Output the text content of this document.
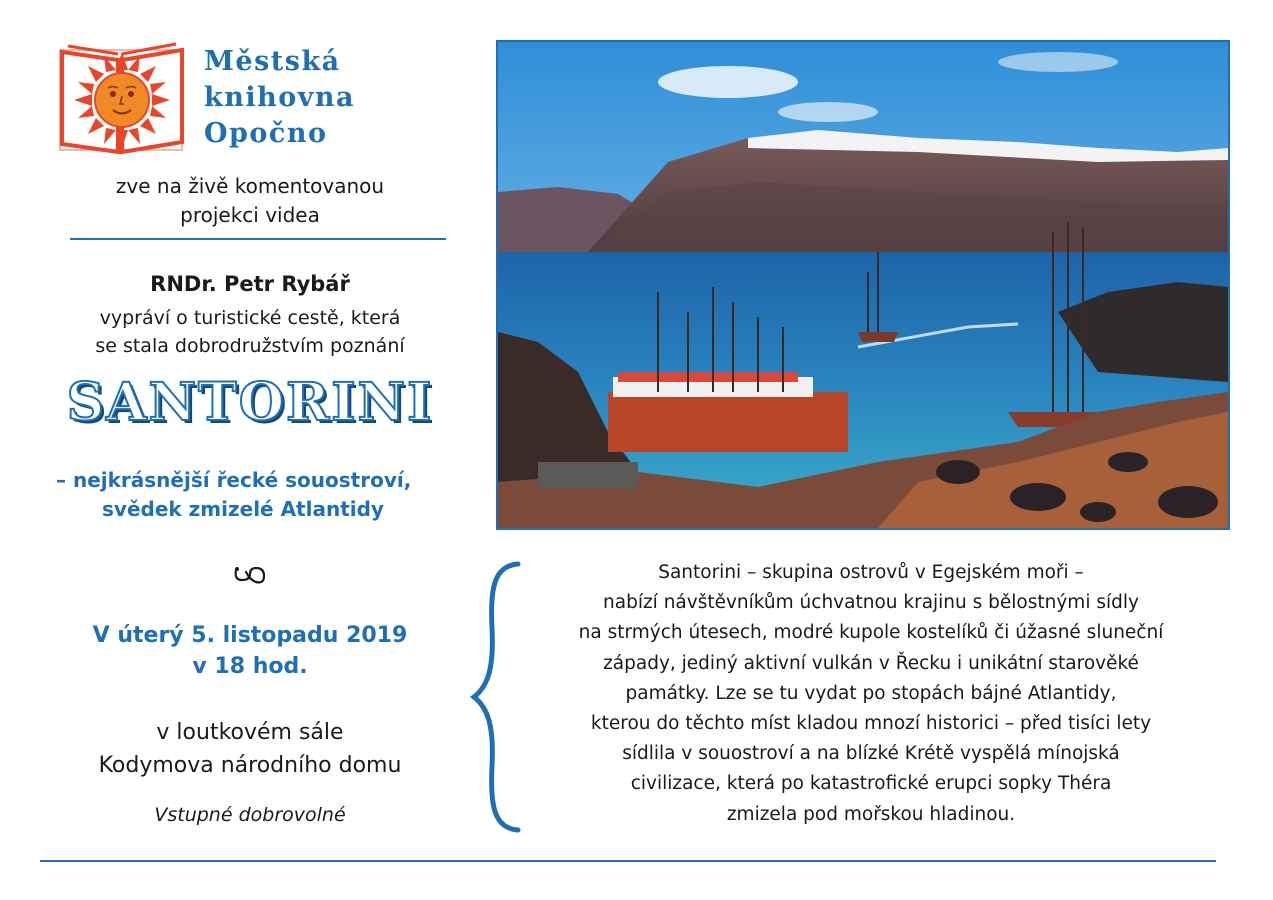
Městská
knihovna
Opočno
zve na živě komentovanou
projekci videa
RNDr. Petr Rybář
vypráví o turistické cestě, která
se stala dobrodružstvím poznání
SANTORINI
– nejkrásnější řecké souostroví,
svědek zmizelé Atlantidy
V úterý 5. listopadu 2019
v 18 hod.
v loutkovém sále
Kodymova národního domu
Vstupné dobrovolné
Santorini – skupina ostrovů v Egejském moři –
nabízí návštěvníkům úchvatnou krajinu s bělostnými sídly
na strmých útesech, modré kupole kostelíků či úžasné sluneční
západy, jediný aktivní vulkán v Řecku i unikátní starověké
památky. Lze se tu vydat po stopách bájné Atlantidy,
kterou do těchto míst kladou mnozí historici – před tisíci lety
sídlila v souostroví a na blízké Krétě vyspělá mínojská
civilizace, která po katastrofické erupci sopky Théra
zmizela pod mořskou hladinou.
